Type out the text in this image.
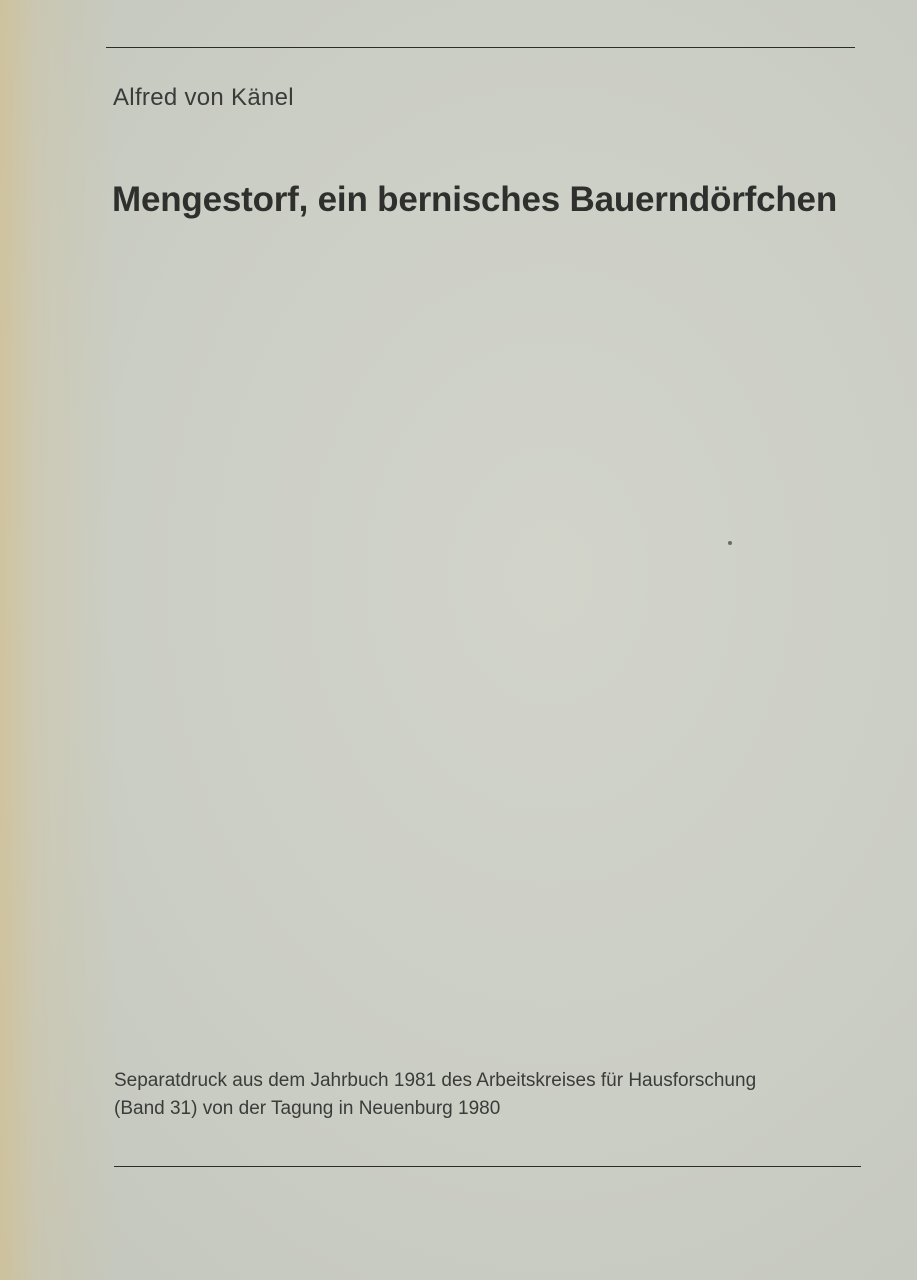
Alfred von Känel
Mengestorf, ein bernisches Bauerndörfchen
Separatdruck aus dem Jahrbuch 1981 des Arbeitskreises für Hausforschung
(Band 31) von der Tagung in Neuenburg 1980
